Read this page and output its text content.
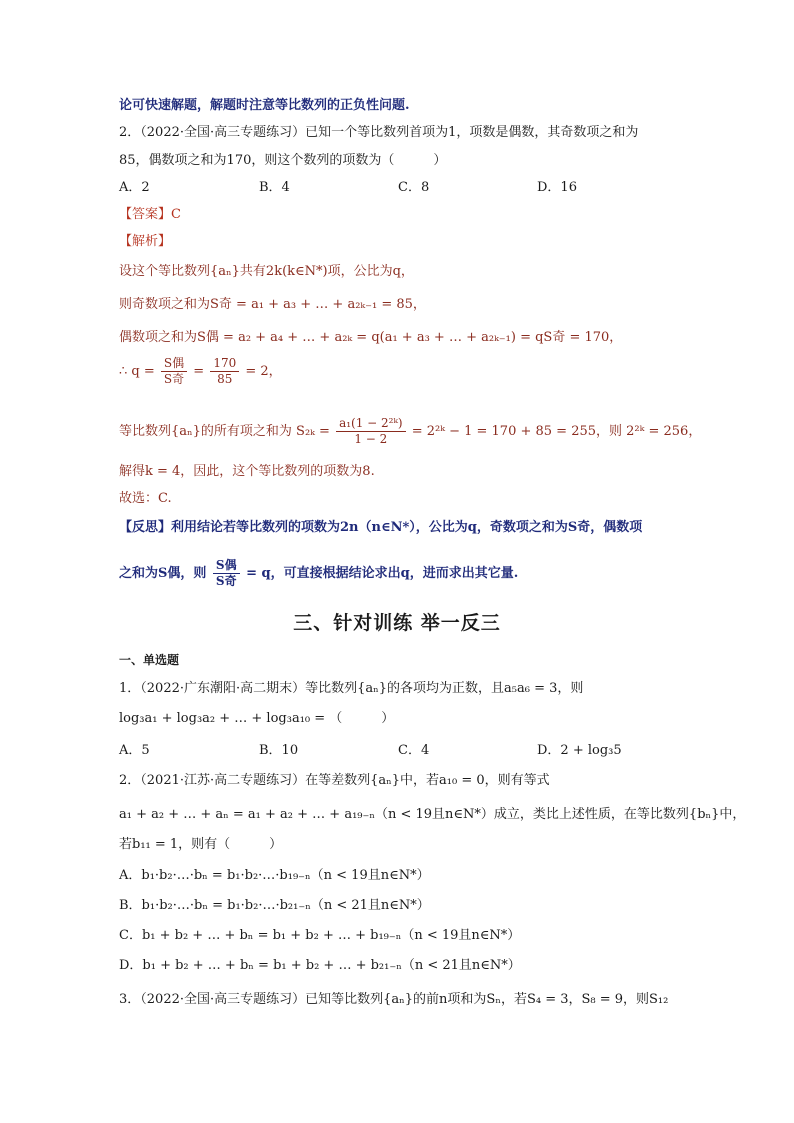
论可快速解题，解题时注意等比数列的正负性问题.
2．（2022·全国·高三专题练习）已知一个等比数列首项为1，项数是偶数，其奇数项之和为
85，偶数项之和为170，则这个数列的项数为（　　　）
A．2	B．4	C．8	D．16
【答案】C
【解析】
设这个等比数列{aₙ}共有2k(k∈N*)项，公比为q，
则奇数项之和为S奇 = a₁ + a₃ + … + a₂ₖ₋₁ = 85，
偶数项之和为S偶 = a₂ + a₄ + … + a₂ₖ = q(a₁ + a₃ + … + a₂ₖ₋₁) = qS奇 = 170，
∴ $q = \frac{\text{S偶}}{\text{S奇}} = \frac{170}{85} = 2$，
等比数列{aₙ}的所有项之和为 $S_{2k} = \frac{\text{a₁(1 − 2²ᵏ)}}{1 - 2}$ = 2²ᵏ − 1 = 170 + 85 = 255，则 2²ᵏ = 256，
解得k = 4，因此，这个等比数列的项数为8.
故选：C.
【反思】利用结论若等比数列的项数为2n（n∈N*），公比为q，奇数项之和为S奇，偶数项
之和为S偶，则 $\frac{\text{S偶}}{\text{S奇}} = q$，可直接根据结论求出q，进而求出其它量.
三、针对训练 举一反三
一、单选题
1．（2022·广东潮阳·高二期末）等比数列{aₙ}的各项均为正数，且a₅a₆ = 3，则
log₃a₁ + log₃a₂ + … + log₃a₁₀ = （　　　）
A．5	B．10	C．4	D．2 + log₃5
2．（2021·江苏·高二专题练习）在等差数列{aₙ}中，若a₁₀ = 0，则有等式
a₁ + a₂ + … + aₙ = a₁ + a₂ + … + a₁₉₋ₙ（n < 19且n∈N*）成立，类比上述性质，在等比数列{bₙ}中，
若b₁₁ = 1，则有（　　　）
A．b₁·b₂·…·bₙ = b₁·b₂·…·b₁₉₋ₙ（n < 19且n∈N*）
B．b₁·b₂·…·bₙ = b₁·b₂·…·b₂₁₋ₙ（n < 21且n∈N*）
C．b₁ + b₂ + … + bₙ = b₁ + b₂ + … + b₁₉₋ₙ（n < 19且n∈N*）
D．b₁ + b₂ + … + bₙ = b₁ + b₂ + … + b₂₁₋ₙ（n < 21且n∈N*）
3．（2022·全国·高三专题练习）已知等比数列{aₙ}的前n项和为Sₙ，若S₄ = 3，S₈ = 9，则S₁₂
